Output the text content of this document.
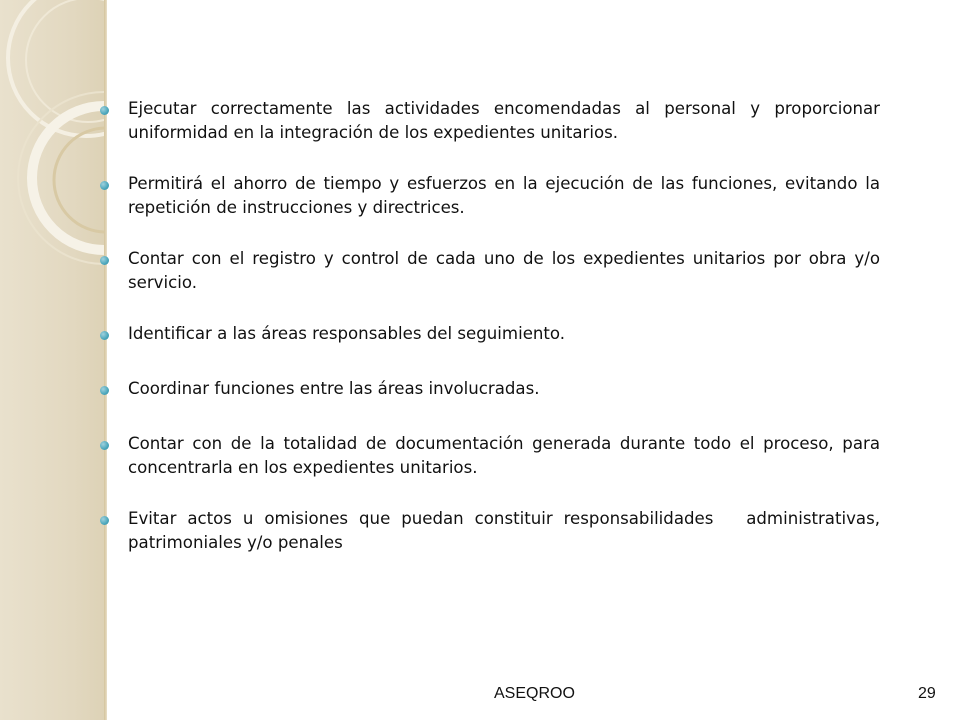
Ejecutar correctamente las actividades encomendadas al personal y proporcionar uniformidad en la integración de los expedientes unitarios.
Permitirá el ahorro de tiempo y esfuerzos en la ejecución de las funciones, evitando la repetición de instrucciones y directrices.
Contar con el registro y control de cada uno de los expedientes unitarios por obra y/o servicio.
Identificar a las áreas responsables del seguimiento.
Coordinar funciones entre las áreas involucradas.
Contar con de la totalidad de documentación generada durante todo el proceso, para concentrarla en los expedientes unitarios.
Evitar actos u omisiones que puedan constituir responsabilidades   administrativas, patrimoniales y/o penales
ASEQROO	29
